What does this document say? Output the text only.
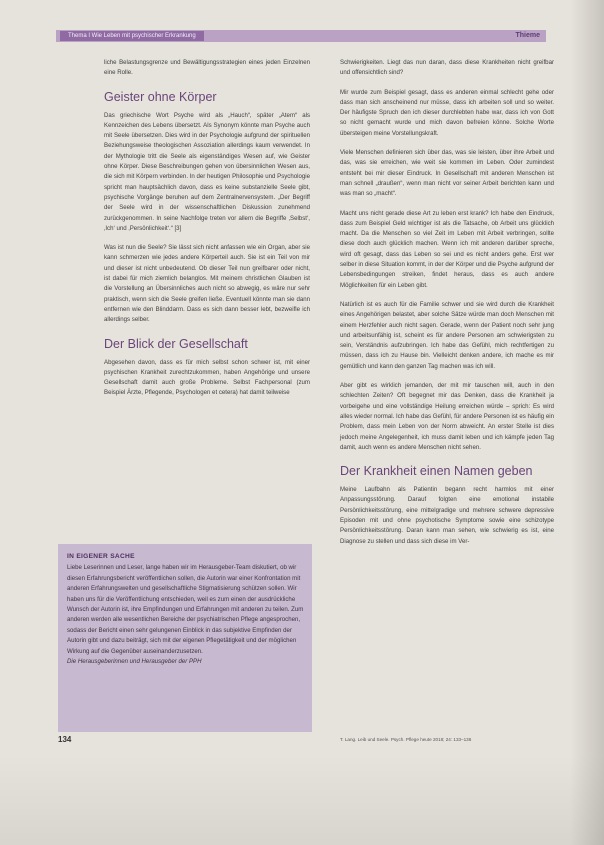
Thema I Wie Leben mit psychischer Erkrankung	Thieme

liche Belastungsgrenze und Bewältigungsstrategien eines jeden Einzelnen eine Rolle.

Geister ohne Körper

Das griechische Wort Psyche wird als „Hauch“, später „Atem“ als Kennzeichen des Lebens übersetzt. Als Synonym könnte man Psyche auch mit Seele übersetzen. Dies wird in der Psychologie aufgrund der spirituellen Beziehungsweise theologischen Assoziation allerdings kaum verwendet. In der Mythologie tritt die Seele als eigenständiges Wesen auf, wie Geister ohne Körper. Diese Beschreibungen gehen von übersinnlichen Wesen aus, die sich mit Körpern verbinden. In der heutigen Philosophie und Psychologie spricht man hauptsächlich davon, dass es keine substanzielle Seele gibt, psychische Vorgänge beruhen auf dem Zentralnervensystem. „Der Begriff der Seele wird in der wissenschaftlichen Diskussion zunehmend zurückgenommen. In seine Nachfolge treten vor allem die Begriffe ‚Selbst‘, ‚Ich‘ und ‚Persönlichkeit‘.“ [3]

Was ist nun die Seele? Sie lässt sich nicht anfassen wie ein Organ, aber sie kann schmerzen wie jedes andere Körperteil auch. Sie ist ein Teil von mir und dieser ist nicht unbedeutend. Ob dieser Teil nun greifbarer oder nicht, ist dabei für mich ziemlich belanglos. Mit meinem christlichen Glauben ist die Vorstellung an Übersinnliches auch nicht so abwegig, es wäre nur sehr praktisch, wenn sich die Seele greifen ließe. Eventuell könnte man sie dann entfernen wie den Blinddarm. Dass es sich dann besser lebt, bezweifle ich allerdings selber.

Der Blick der Gesellschaft

Abgesehen davon, dass es für mich selbst schon schwer ist, mit einer psychischen Krankheit zurechtzukommen, haben Angehörige und unsere Gesellschaft damit auch große Probleme. Selbst Fachpersonal (zum Beispiel Ärzte, Pflegende, Psychologen et cetera) hat damit teilweise

IN EIGENER SACHE
Liebe Leserinnen und Leser, lange haben wir im Herausgeber-Team diskutiert, ob wir diesen Erfahrungsbericht veröffentlichen sollen, die Autorin war einer Konfrontation mit anderen Erfahrungswelten und gesellschaftliche Stigmatisierung schützen sollen. Wir haben uns für die Veröffentlichung entschieden, weil es zum einen der ausdrückliche Wunsch der Autorin ist, ihre Empfindungen und Erfahrungen mit anderen zu teilen. Zum anderen werden alle wesentlichen Bereiche der psychiatrischen Pflege angesprochen, sodass der Bericht einen sehr gelungenen Einblick in das subjektive Empfinden der Autorin gibt und dazu beiträgt, sich mit der eigenen Pflegetätigkeit und der möglichen Wirkung auf die Gegenüber auseinanderzusetzen.
Die Herausgeberinnen und Herausgeber der PPH

Schwierigkeiten. Liegt das nun daran, dass diese Krankheiten nicht greifbar und offensichtlich sind?

Mir wurde zum Beispiel gesagt, dass es anderen einmal schlecht gehe oder dass man sich anscheinend nur müsse, dass ich arbeiten soll und so weiter. Der häufigste Spruch den ich dieser durchlebten habe war, dass ich von Gott so nicht gemacht wurde und mich davon befreien könne. Solche Worte übersteigen meine Vorstellungskraft.

Viele Menschen definieren sich über das, was sie leisten, über ihre Arbeit und das, was sie erreichen, wie weit sie kommen im Leben. Oder zumindest entsteht bei mir dieser Eindruck. In Gesellschaft mit anderen Menschen ist man schnell „draußen“, wenn man nicht vor seiner Arbeit berichten kann und was man so „macht“.

Macht uns nicht gerade diese Art zu leben erst krank? Ich habe den Eindruck, dass zum Beispiel Geld wichtiger ist als die Tatsache, ob Arbeit uns glücklich macht. Da die Menschen so viel Zeit im Leben mit Arbeit verbringen, sollte diese doch auch glücklich machen. Wenn ich mit anderen darüber spreche, wird oft gesagt, dass das Leben so sei und es nicht anders gehe. Erst wer selber in diese Situation kommt, in der der Körper und die Psyche aufgrund der Lebensbedingungen streiken, findet heraus, dass es auch andere Möglichkeiten für ein Leben gibt.

Natürlich ist es auch für die Familie schwer und sie wird durch die Krankheit eines Angehörigen belastet, aber solche Sätze würde man doch Menschen mit einem Herzfehler auch nicht sagen. Gerade, wenn der Patient noch sehr jung und arbeitsunfähig ist, scheint es für andere Personen am schwierigsten zu sein, Verständnis aufzubringen. Ich habe das Gefühl, mich rechtfertigen zu müssen, dass ich zu Hause bin. Vielleicht denken andere, ich mache es mir gemütlich und kann den ganzen Tag machen was ich will.

Aber gibt es wirklich jemanden, der mit mir tauschen will, auch in den schlechten Zeiten? Oft begegnet mir das Denken, dass die Krankheit ja vorbeigehe und eine vollständige Heilung erreichen würde – sprich: Es wird alles wieder normal. Ich habe das Gefühl, für andere Personen ist es häufig ein Problem, dass mein Leben von der Norm abweicht. An erster Stelle ist dies jedoch meine Angelegenheit, ich muss damit leben und ich kämpfe jeden Tag damit, auch wenn es andere Menschen nicht sehen.

Der Krankheit einen Namen geben

Meine Laufbahn als Patientin begann recht harmlos mit einer Anpassungsstörung. Darauf folgten eine emotional instabile Persönlichkeitsstörung, eine mittelgradige und mehrere schwere depressive Episoden mit und ohne psychotische Symptome sowie eine schizotype Persönlichkeitsstörung. Daran kann man sehen, wie schwierig es ist, eine Diagnose zu stellen und dass sich diese im Ver-

134	T. Lang. Leib und Seele. Psych. Pflege heute 2018; 24: 133–136
